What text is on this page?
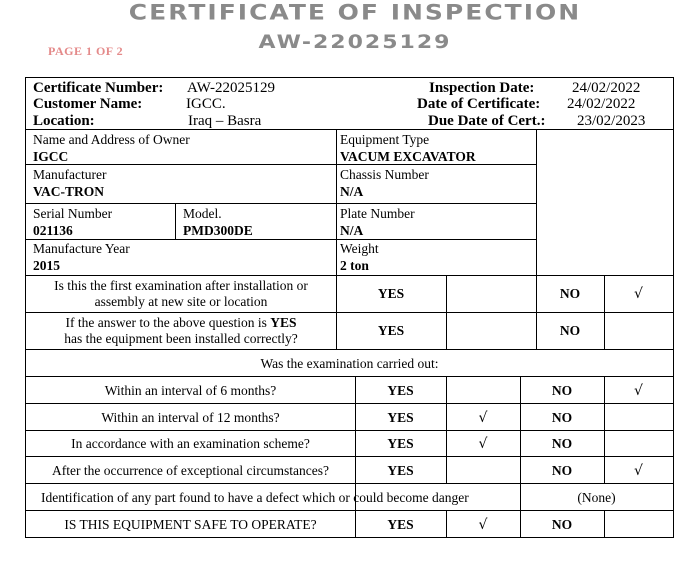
CERTIFICATE OF INSPECTION
AW-22025129
PAGE 1 OF 2
Certificate Number: AW-22025129
Customer Name:	IGCC.
Location:	Iraq – Basra
Inspection Date:	24/02/2022
Date of Certificate: 24/02/2022
Due Date of Cert.: 23/02/2023
Name and Address of Owner
IGCC
Equipment Type
VACUM EXCAVATOR
Manufacturer
VAC-TRON
Chassis Number
N/A
Serial Number
021136
Model.
PMD300DE
Plate Number
N/A
Manufacture Year
2015
Weight
2 ton
Is this the first examination after installation or
assembly at new site or location
YES	NO	√
If the answer to the above question is YES
has the equipment been installed correctly?
YES	NO
Was the examination carried out:
Within an interval of 6 months?	YES	NO	√
Within an interval of 12 months?	YES	√	NO
In accordance with an examination scheme?	YES	√	NO
After the occurrence of exceptional circumstances?	YES	NO	√
Identification of any part found to have a defect which or could become danger	(None)
IS THIS EQUIPMENT SAFE TO OPERATE?	YES	√	NO
